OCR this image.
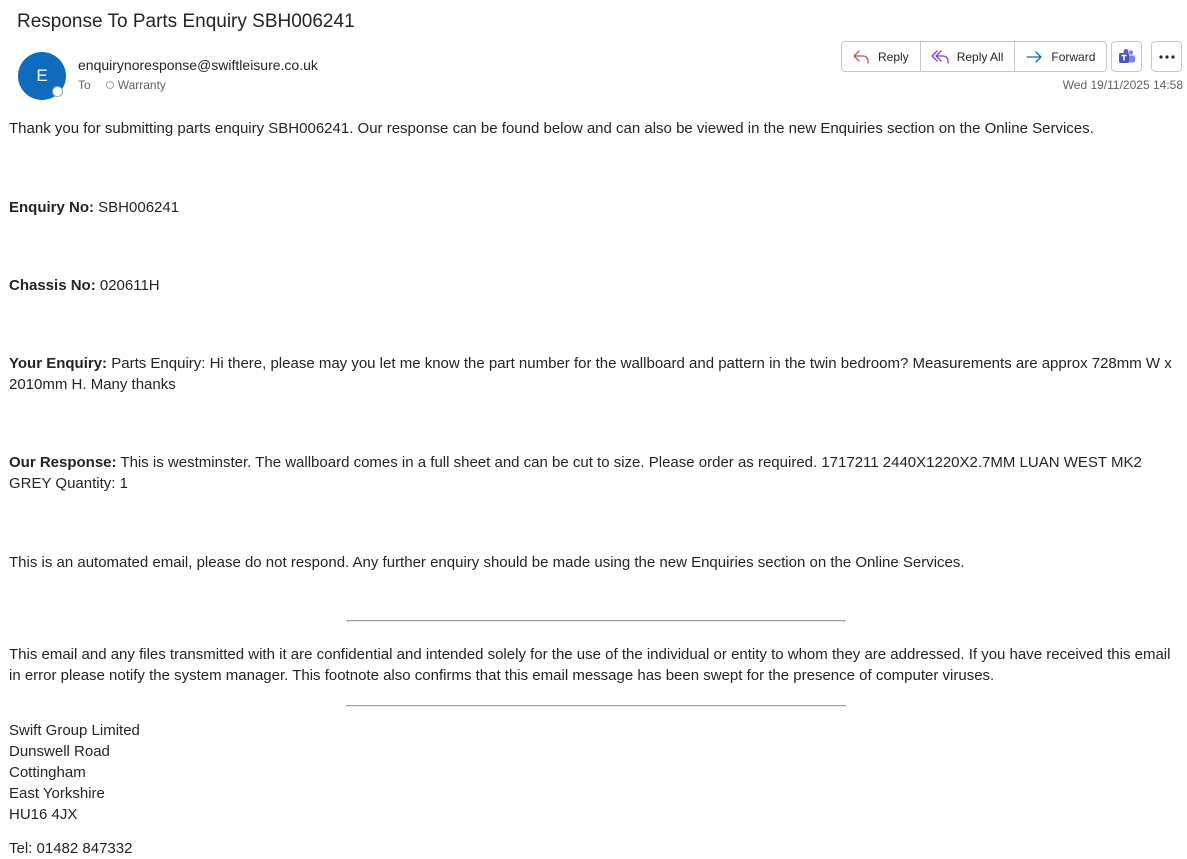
Response To Parts Enquiry SBH006241
E
enquirynoresponse@swiftleisure.co.uk
To Warranty
Reply	Reply All	Forward
Wed 19/11/2025 14:58

Thank you for submitting parts enquiry SBH006241. Our response can be found below and can also be viewed in the new Enquiries section on the Online Services.

Enquiry No: SBH006241

Chassis No: 020611H

Your Enquiry: Parts Enquiry: Hi there, please may you let me know the part number for the wallboard and pattern in the twin bedroom? Measurements are approx 728mm W x 2010mm H. Many thanks

Our Response: This is westminster. The wallboard comes in a full sheet and can be cut to size. Please order as required. 1717211 2440X1220X2.7MM LUAN WEST MK2 GREY Quantity: 1

This is an automated email, please do not respond. Any further enquiry should be made using the new Enquiries section on the Online Services.

This email and any files transmitted with it are confidential and intended solely for the use of the individual or entity to whom they are addressed. If you have received this email in error please notify the system manager. This footnote also confirms that this email message has been swept for the presence of computer viruses.

Swift Group Limited

Dunswell Road

Cottingham

East Yorkshire

HU16 4JX

Tel: 01482 847332
